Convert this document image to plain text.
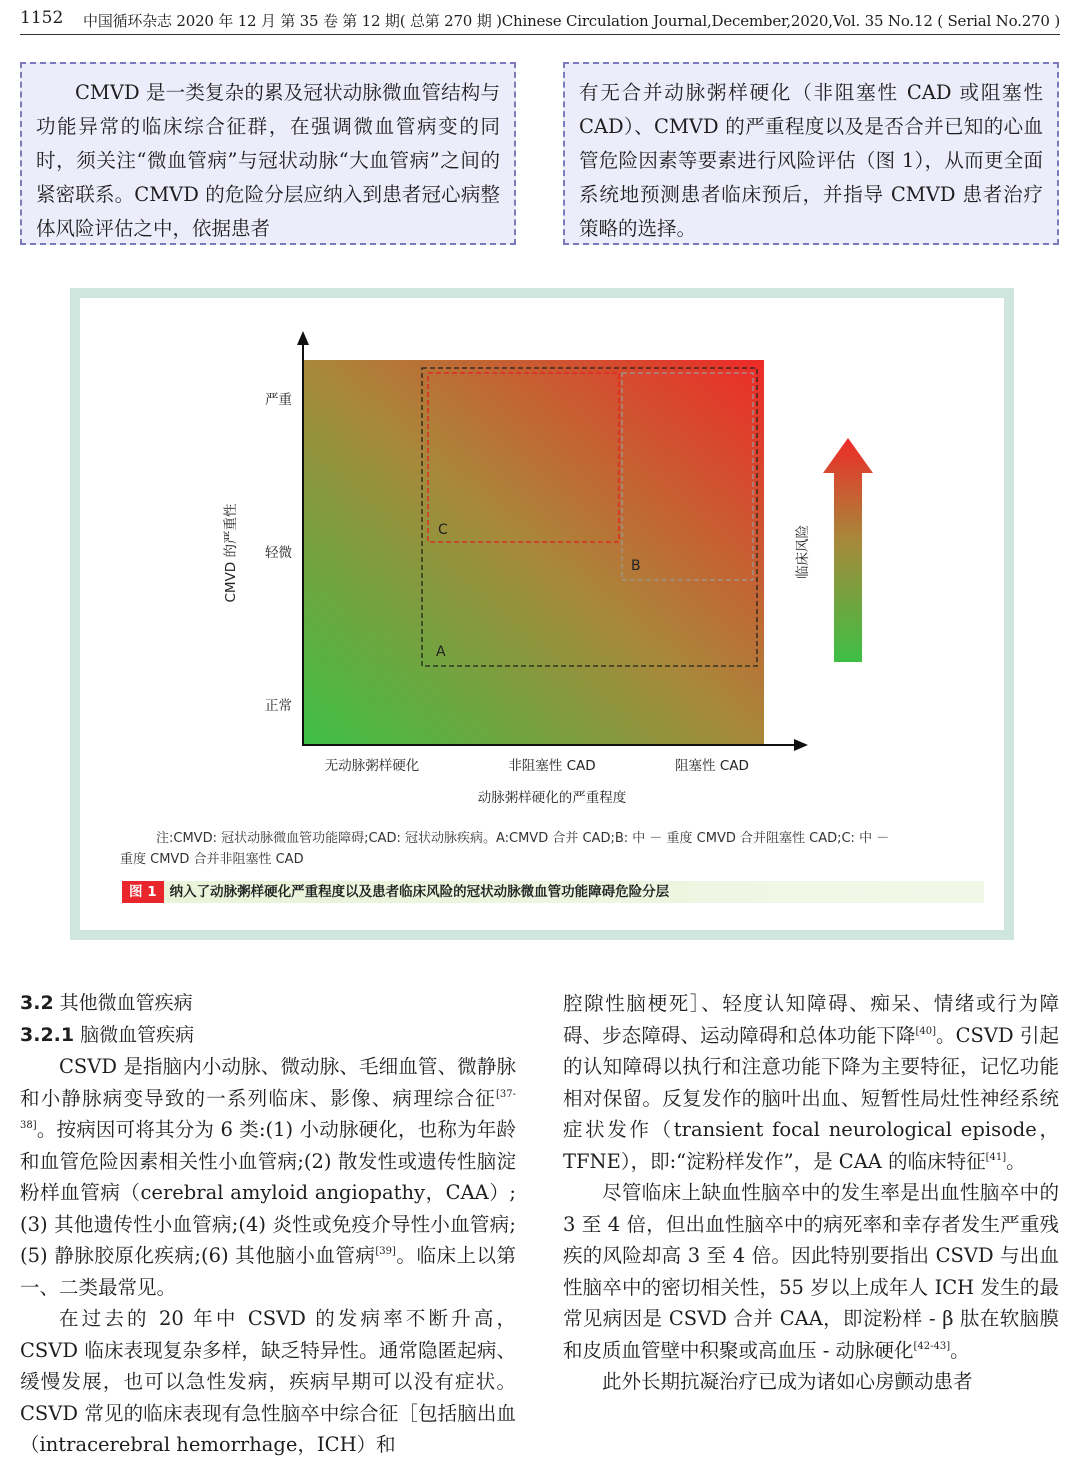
1152 中国循环杂志 2020 年 12 月 第 35 卷 第 12 期( 总第 270 期 )Chinese Circulation Journal,December,2020,Vol. 35 No.12 ( Serial No.270 )
CMVD 是一类复杂的累及冠状动脉微血管结构与功能异常的临床综合征群，在强调微血管病变的同时，须关注“微血管病”与冠状动脉“大血管病”之间的紧密联系。CMVD 的危险分层应纳入到患者冠心病整体风险评估之中，依据患者
有无合并动脉粥样硬化（非阻塞性 CAD 或阻塞性 CAD）、CMVD 的严重程度以及是否合并已知的心血管危险因素等要素进行风险评估（图 1），从而更全面系统地预测患者临床预后，并指导 CMVD 患者治疗策略的选择。
A
B
C
严重
轻微
正常
CMVD 的严重性
无动脉粥样硬化	非阻塞性 CAD	阻塞性 CAD
动脉粥样硬化的严重程度
临床风险
注:CMVD: 冠状动脉微血管功能障碍;CAD: 冠状动脉疾病。A:CMVD 合并 CAD;B: 中 － 重度 CMVD 合并阻塞性 CAD;C: 中 －
重度 CMVD 合并非阻塞性 CAD
图 1 纳入了动脉粥样硬化严重程度以及患者临床风险的冠状动脉微血管功能障碍危险分层

3.2 其他微血管疾病

3.2.1 脑微血管疾病

CSVD 是指脑内小动脉、微动脉、毛细血管、微静脉和小静脉病变导致的一系列临床、影像、病理综合征[37-38]。按病因可将其分为 6 类:(1) 小动脉硬化，也称为年龄和血管危险因素相关性小血管病;(2) 散发性或遗传性脑淀粉样血管病（cerebral amyloid angiopathy，CAA）;(3) 其他遗传性小血管病;(4) 炎性或免疫介导性小血管病;(5) 静脉胶原化疾病;(6) 其他脑小血管病[39]。临床上以第一、二类最常见。

在过去的 20 年中 CSVD 的发病率不断升高，CSVD 临床表现复杂多样，缺乏特异性。通常隐匿起病、缓慢发展，也可以急性发病，疾病早期可以没有症状。CSVD 常见的临床表现有急性脑卒中综合征［包括脑出血（intracerebral hemorrhage，ICH）和

腔隙性脑梗死］、轻度认知障碍、痴呆、情绪或行为障碍、步态障碍、运动障碍和总体功能下降[40]。CSVD 引起的认知障碍以执行和注意功能下降为主要特征，记忆功能相对保留。反复发作的脑叶出血、短暂性局灶性神经系统症状发作（transient focal neurological episode，TFNE），即:“淀粉样发作”，是 CAA 的临床特征[41]。

尽管临床上缺血性脑卒中的发生率是出血性脑卒中的 3 至 4 倍，但出血性脑卒中的病死率和幸存者发生严重残疾的风险却高 3 至 4 倍。因此特别要指出 CSVD 与出血性脑卒中的密切相关性，55 岁以上成年人 ICH 发生的最常见病因是 CSVD 合并 CAA，即淀粉样 - β 肽在软脑膜和皮质血管壁中积聚或高血压 - 动脉硬化[42-43]。

此外长期抗凝治疗已成为诸如心房颤动患者
